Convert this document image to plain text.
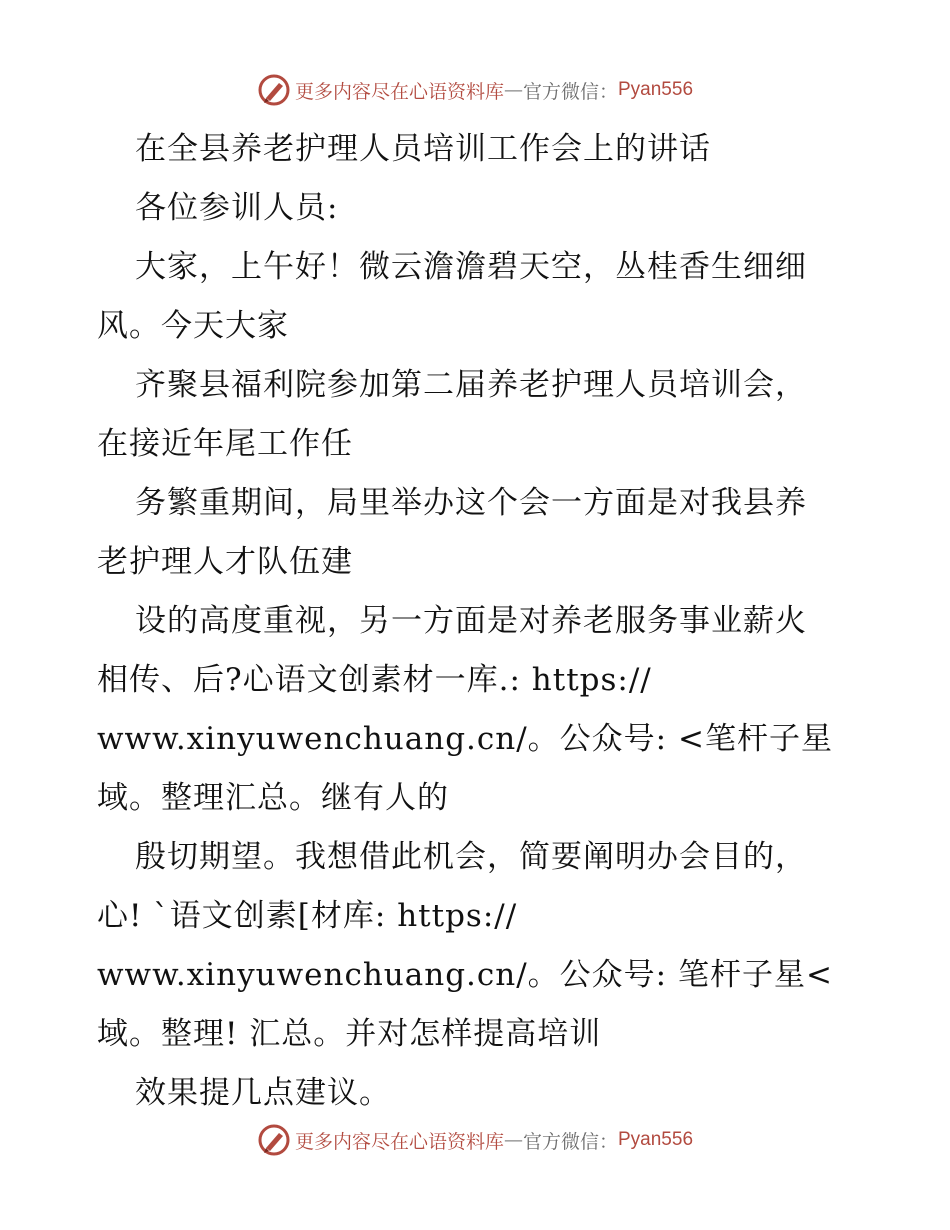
更多内容尽在心语资料库 — 官方微信： Pyan556
在全县养老护理人员培训工作会上的讲话
各位参训人员:
大家，上午好！微云澹澹碧天空，丛桂香生细细
风。今天大家
齐聚县福利院参加第二届养老护理人员培训会，
在接近年尾工作任
务繁重期间，局里举办这个会一方面是对我县养
老护理人才队伍建
设的高度重视，另一方面是对养老服务事业薪火
相传、后?心语文创素材一库.: https://
www.xinyuwenchuang.cn/。公众号: <笔杆子星
域。整理汇总。继有人的
殷切期望。我想借此机会，简要阐明办会目的，
心! `语文创素[材库: https://
www.xinyuwenchuang.cn/。公众号: 笔杆子星<
域。整理! 汇总。并对怎样提高培训
效果提几点建议。
更多内容尽在心语资料库 — 官方微信： Pyan556
